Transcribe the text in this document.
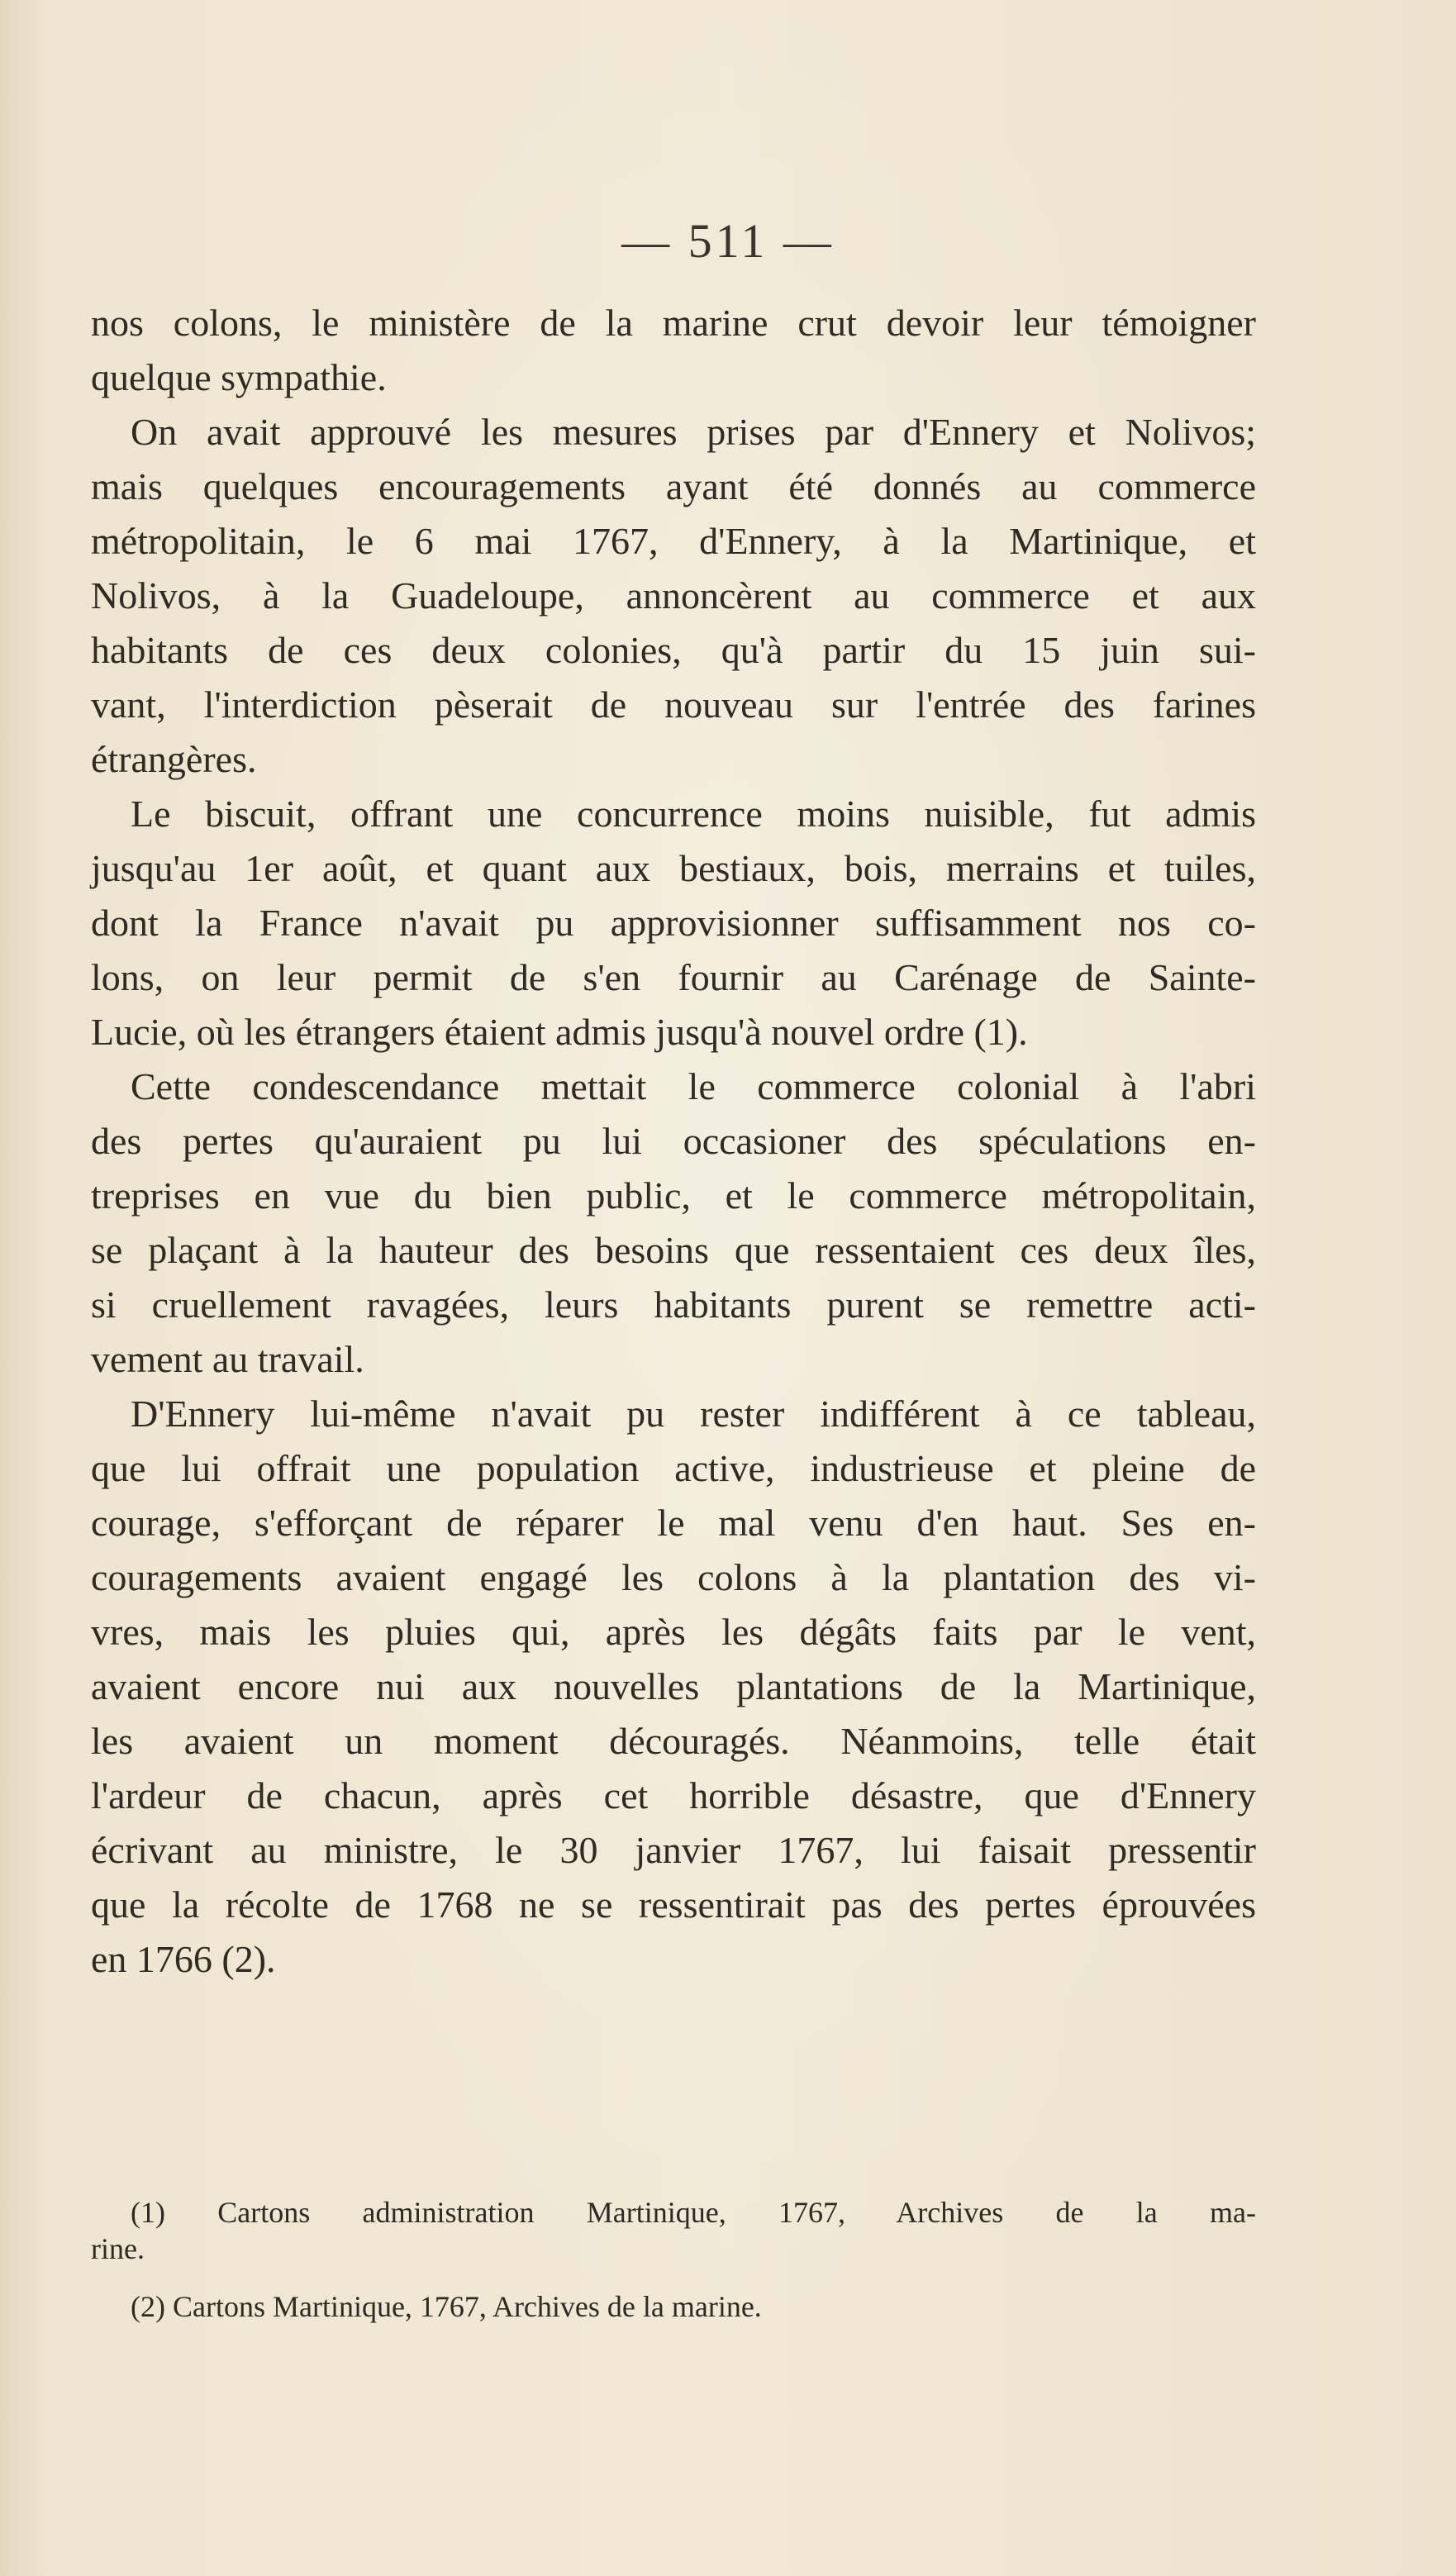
— 511 —
nos colons, le ministère de la marine crut devoir leur témoigner
quelque sympathie.
On avait approuvé les mesures prises par d'Ennery et Nolivos;
mais quelques encouragements ayant été donnés au commerce
métropolitain, le 6 mai 1767, d'Ennery, à la Martinique, et
Nolivos, à la Guadeloupe, annoncèrent au commerce et aux
habitants de ces deux colonies, qu'à partir du 15 juin sui-
vant, l'interdiction pèserait de nouveau sur l'entrée des farines
étrangères.
Le biscuit, offrant une concurrence moins nuisible, fut admis
jusqu'au 1er août, et quant aux bestiaux, bois, merrains et tuiles,
dont la France n'avait pu approvisionner suffisamment nos co-
lons, on leur permit de s'en fournir au Carénage de Sainte-
Lucie, où les étrangers étaient admis jusqu'à nouvel ordre (1).
Cette condescendance mettait le commerce colonial à l'abri
des pertes qu'auraient pu lui occasioner des spéculations en-
treprises en vue du bien public, et le commerce métropolitain,
se plaçant à la hauteur des besoins que ressentaient ces deux îles,
si cruellement ravagées, leurs habitants purent se remettre acti-
vement au travail.
D'Ennery lui-même n'avait pu rester indifférent à ce tableau,
que lui offrait une population active, industrieuse et pleine de
courage, s'efforçant de réparer le mal venu d'en haut. Ses en-
couragements avaient engagé les colons à la plantation des vi-
vres, mais les pluies qui, après les dégâts faits par le vent,
avaient encore nui aux nouvelles plantations de la Martinique,
les avaient un moment découragés. Néanmoins, telle était
l'ardeur de chacun, après cet horrible désastre, que d'Ennery
écrivant au ministre, le 30 janvier 1767, lui faisait pressentir
que la récolte de 1768 ne se ressentirait pas des pertes éprouvées
en 1766 (2).
(1) Cartons administration Martinique, 1767, Archives de la ma-
rine.
(2) Cartons Martinique, 1767, Archives de la marine.
